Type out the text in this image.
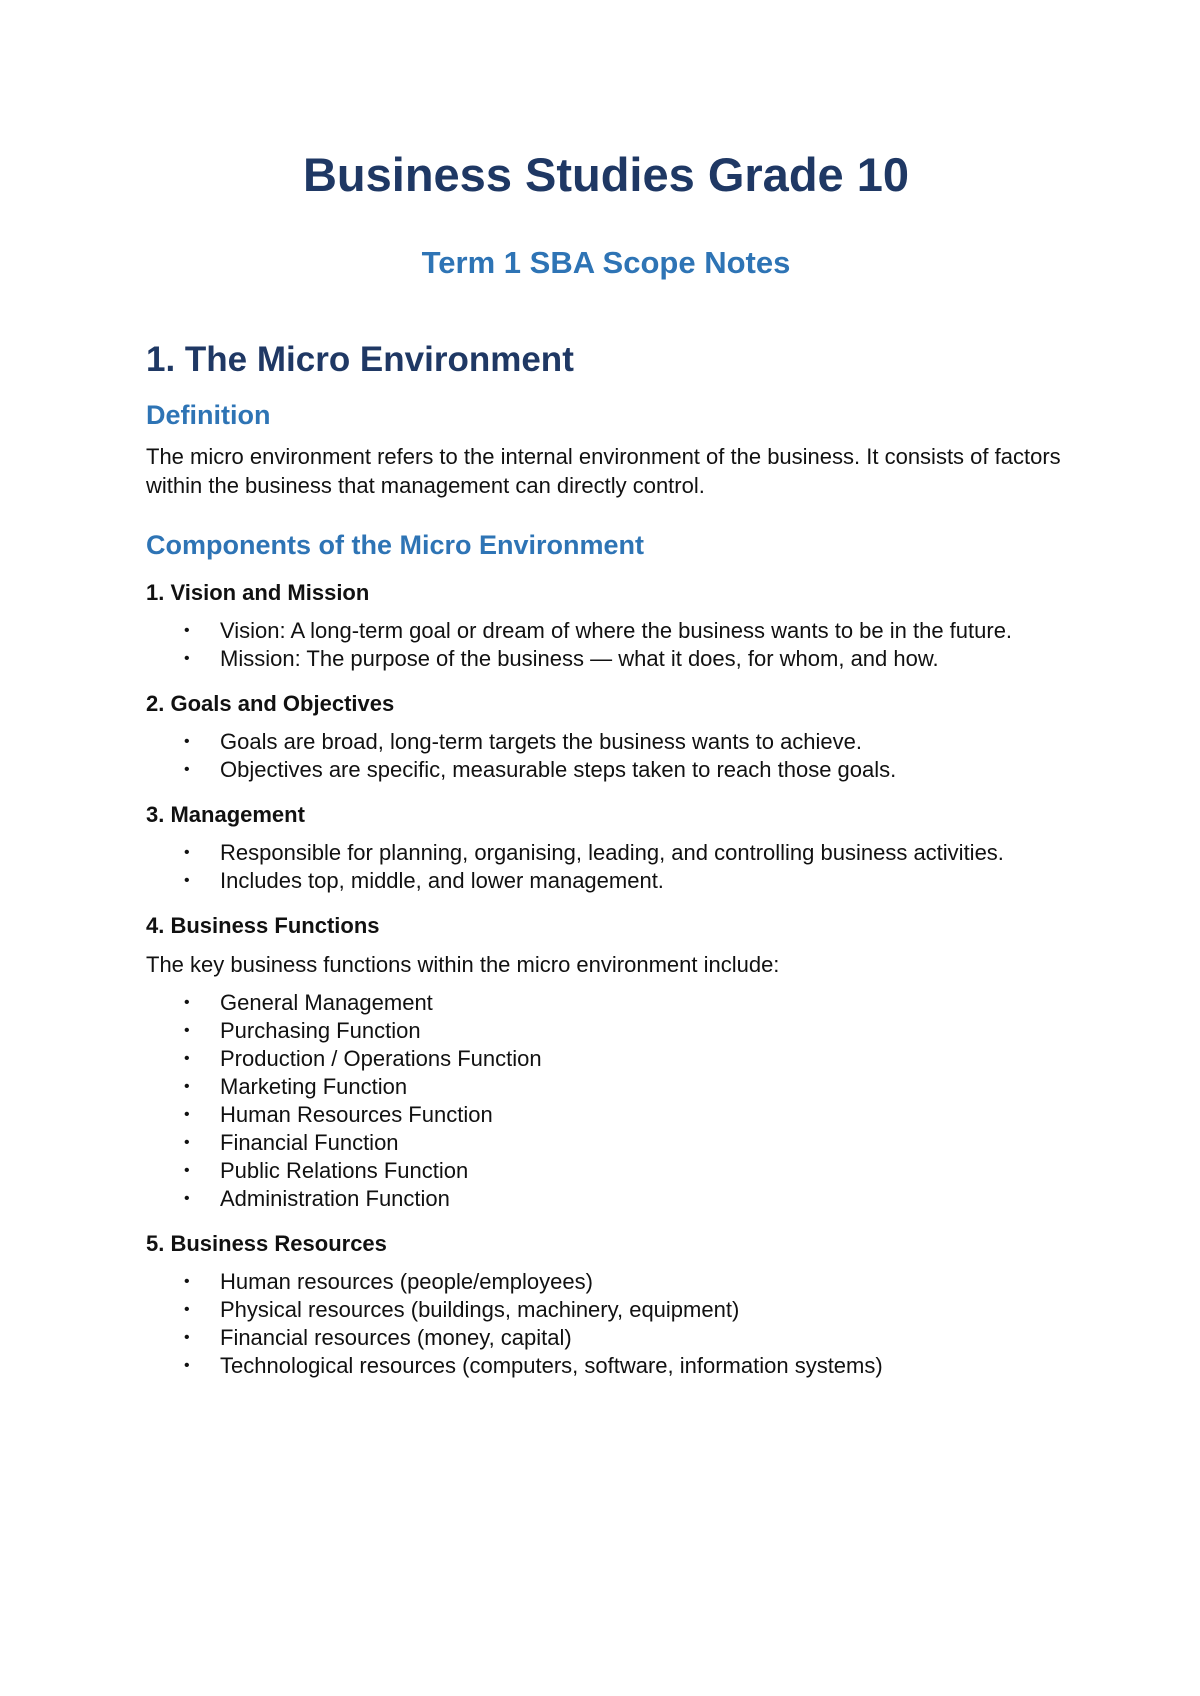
Business Studies Grade 10
Term 1 SBA Scope Notes
1. The Micro Environment
Definition

The micro environment refers to the internal environment of the business. It consists of factors within the business that management can directly control.

Components of the Micro Environment

1. Vision and Mission

• Vision: A long-term goal or dream of where the business wants to be in the future.
• Mission: The purpose of the business — what it does, for whom, and how.

2. Goals and Objectives

• Goals are broad, long-term targets the business wants to achieve.
• Objectives are specific, measurable steps taken to reach those goals.

3. Management

• Responsible for planning, organising, leading, and controlling business activities.
• Includes top, middle, and lower management.

4. Business Functions

The key business functions within the micro environment include:

• General Management
• Purchasing Function
• Production / Operations Function
• Marketing Function
• Human Resources Function
• Financial Function
• Public Relations Function
• Administration Function

5. Business Resources

• Human resources (people/employees)
• Physical resources (buildings, machinery, equipment)
• Financial resources (money, capital)
• Technological resources (computers, software, information systems)
